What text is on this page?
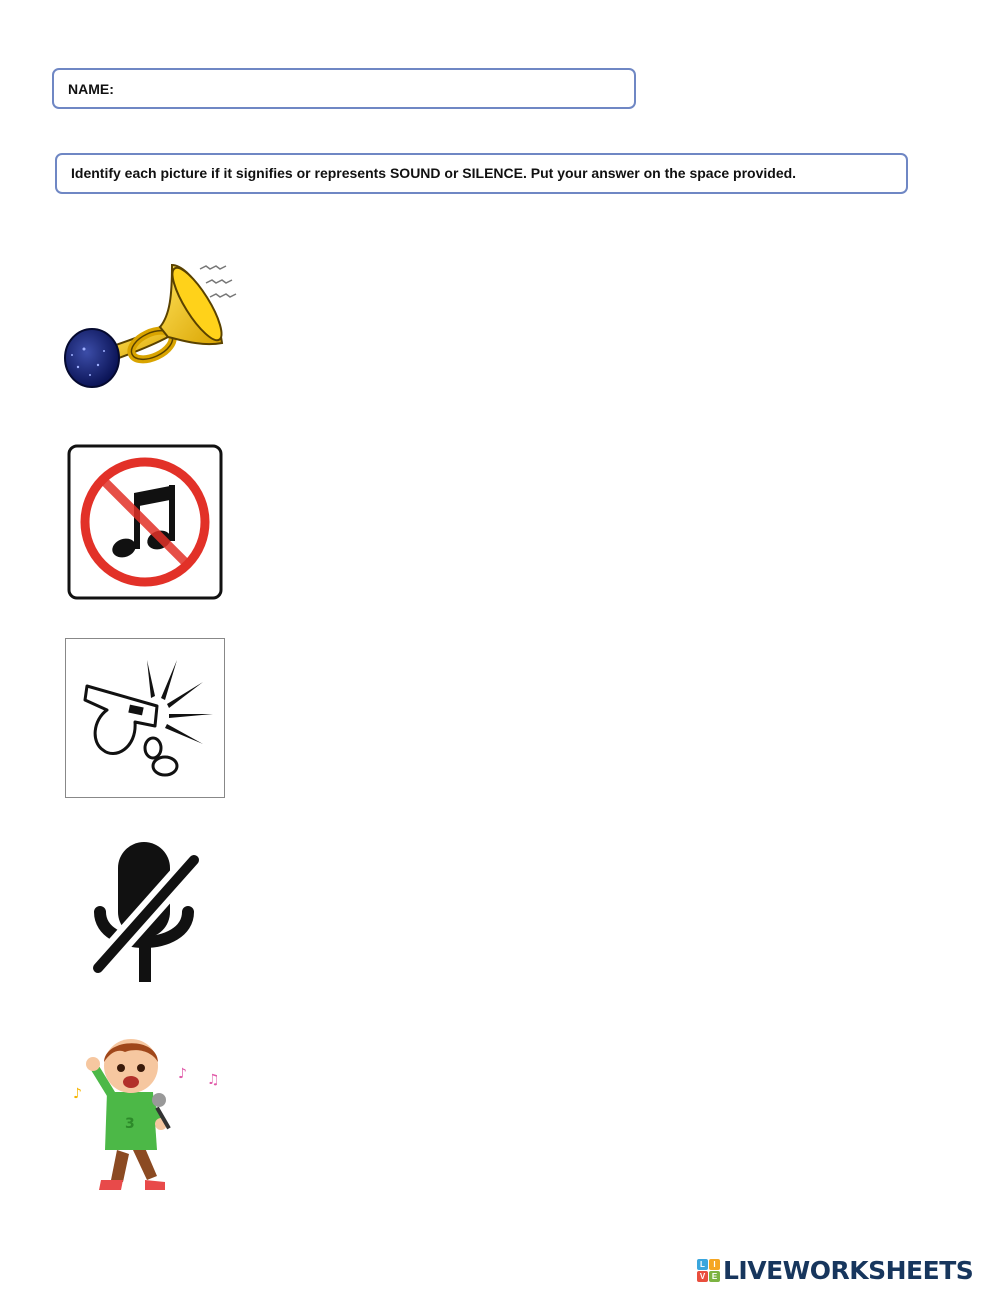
NAME:
Identify each picture if it signifies or represents SOUND or SILENCE. Put your answer on the space provided.
♪
♪ ♫
3
L	I
V E LIVEWORKSHEETS
